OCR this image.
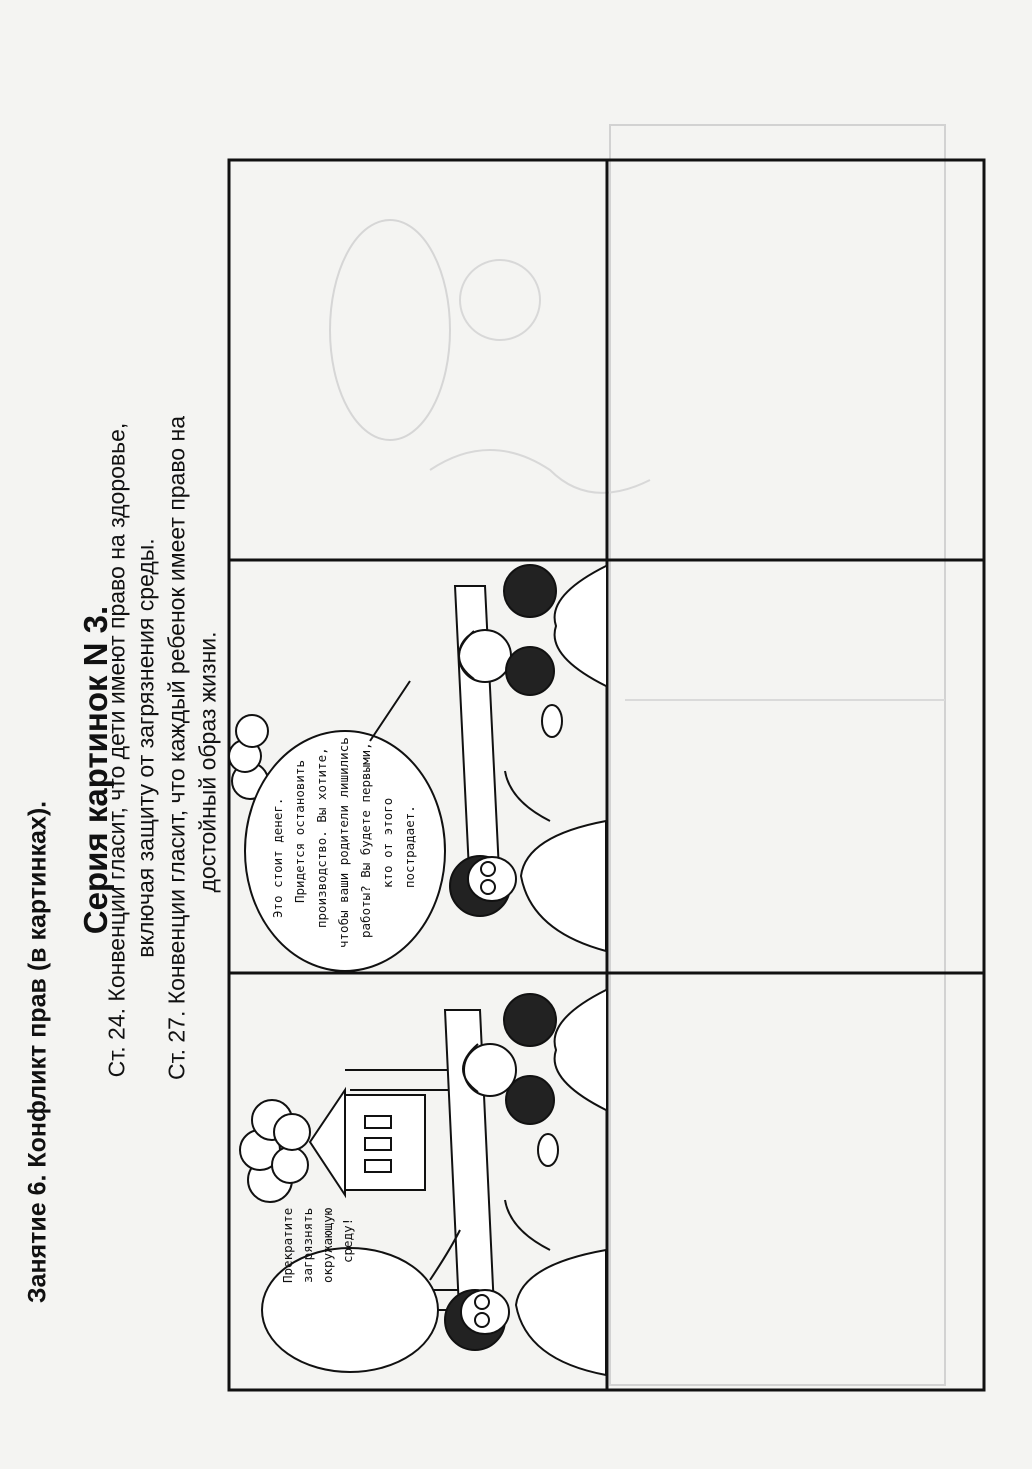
Занятие 6. Конфликт прав (в картинках).
Серия картинок N 3.
Ст. 24. Конвенции гласит, что дети имеют право на здоровье, включая защиту от загрязнения среды. Ст. 27. Конвенции гласит, что каждый ребенок имеет право на достойный образ жизни.
Прекратите загрязнять окружающую среду!
Это стоит денег. Придется остановить производство. Вы хотите, чтобы ваши родители лишились работы? Вы будете первыми, кто от этого пострадает.
